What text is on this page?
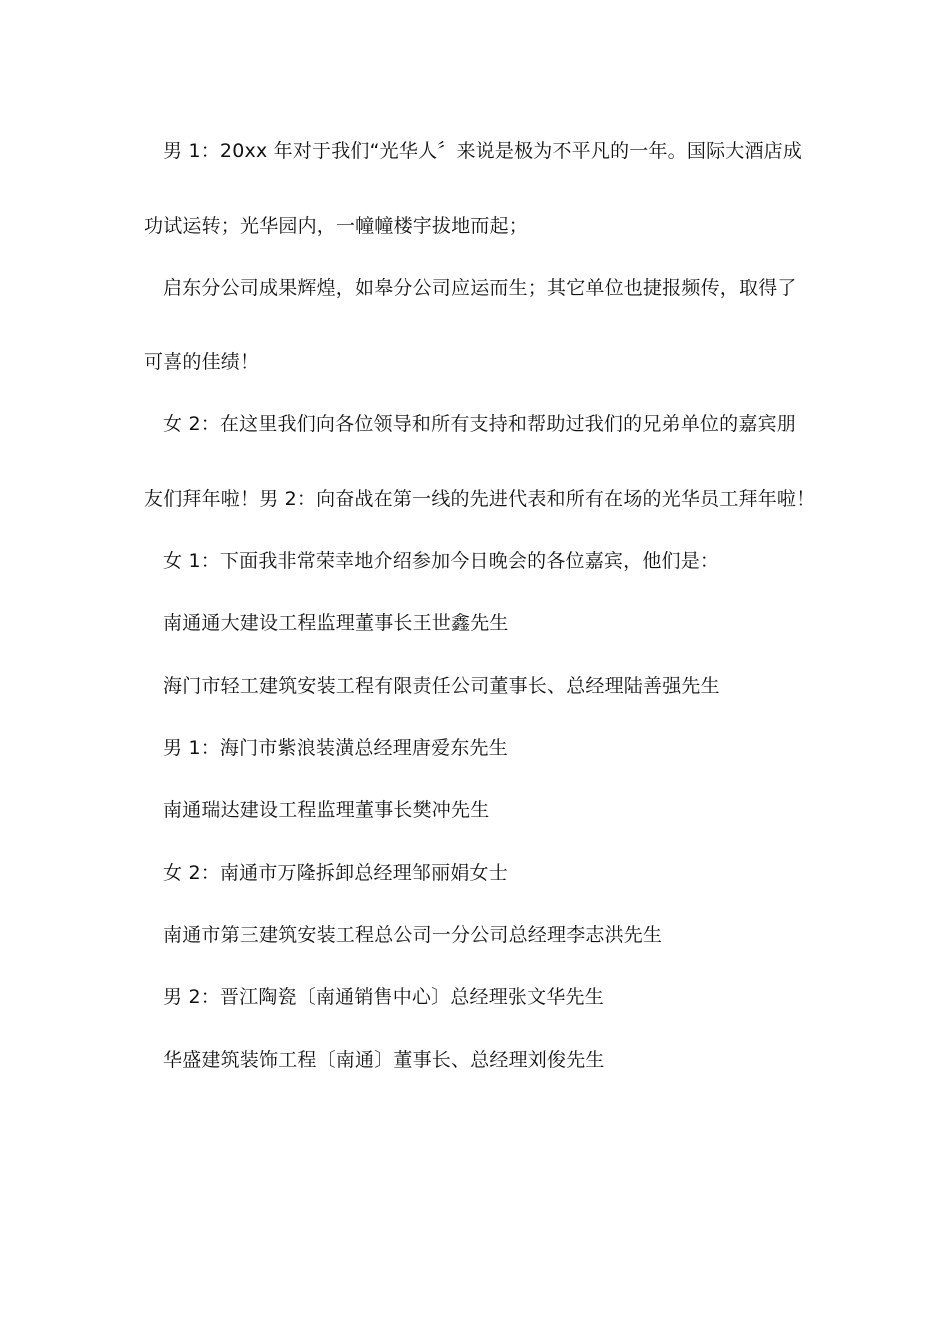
男 1：20xx 年对于我们“光华人〞来说是极为不平凡的一年。国际大酒店成
功试运转；光华园内，一幢幢楼宇拔地而起；
启东分公司成果辉煌，如皋分公司应运而生；其它单位也捷报频传，取得了
可喜的佳绩！
女 2：在这里我们向各位领导和所有支持和帮助过我们的兄弟单位的嘉宾朋
友们拜年啦！男 2：向奋战在第一线的先进代表和所有在场的光华员工拜年啦！
女 1：下面我非常荣幸地介绍参加今日晚会的各位嘉宾，他们是：
南通通大建设工程监理董事长王世鑫先生
海门市轻工建筑安装工程有限责任公司董事长、总经理陆善强先生
男 1：海门市紫浪装潢总经理唐爱东先生
南通瑞达建设工程监理董事长樊冲先生
女 2：南通市万隆拆卸总经理邹丽娟女士
南通市第三建筑安装工程总公司一分公司总经理李志洪先生
男 2：晋江陶瓷〔南通销售中心〕总经理张文华先生
华盛建筑装饰工程〔南通〕董事长、总经理刘俊先生
